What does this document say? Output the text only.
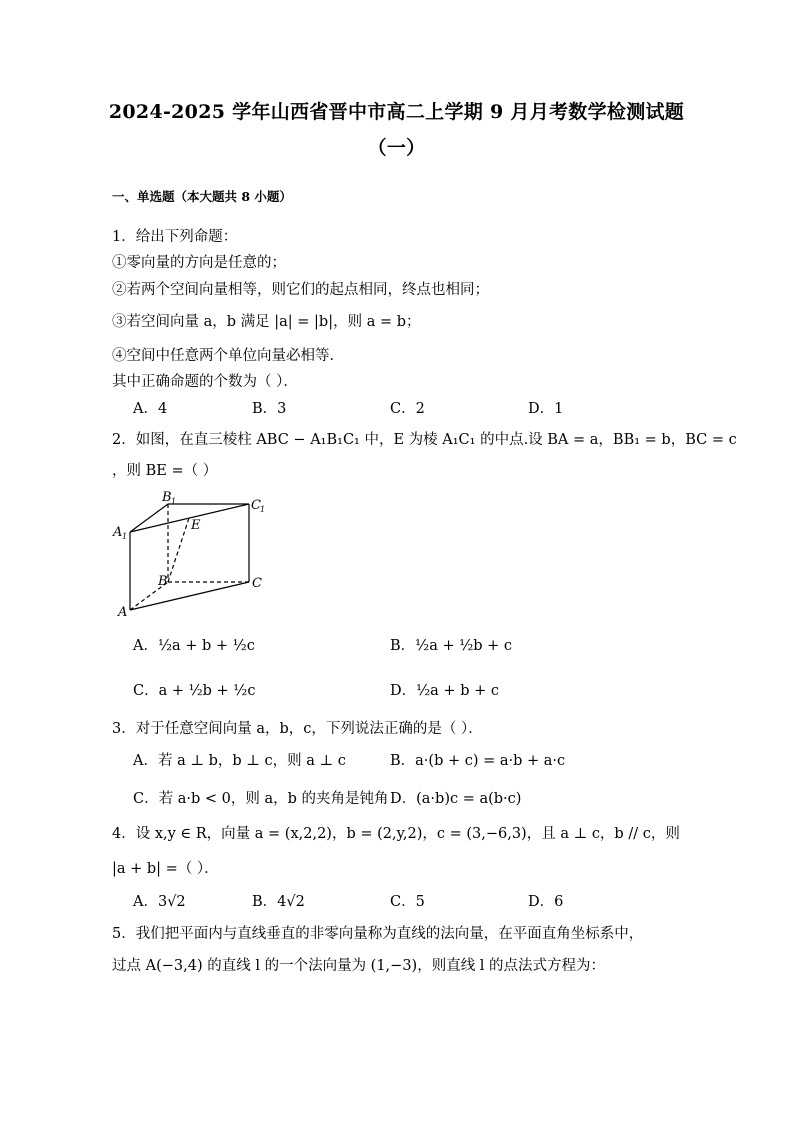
2024-2025 学年山西省晋中市高二上学期 9 月月考数学检测试题
（一）
一、单选题（本大题共 8 小题）
1．给出下列命题：
①零向量的方向是任意的；
②若两个空间向量相等，则它们的起点相同，终点也相同；
③若空间向量 a，b 满足 |a| = |b|，则 a = b；
④空间中任意两个单位向量必相等．
其中正确命题的个数为（ ）．
A．4	B．3	C．2	D．1
2．如图，在直三棱柱 ABC − A₁B₁C₁ 中，E 为棱 A₁C₁ 的中点.设 BA = a，BB₁ = b，BC = c
，则 BE =（ ）
B 1	C 1
A 1
E
B	C
A
A．½a + b + ½c	B．½a + ½b + c
C．a + ½b + ½c	D．½a + b + c
3．对于任意空间向量 a，b，c，下列说法正确的是（ ）．
A．若 a ⊥ b，b ⊥ c，则 a ⊥ c	B．a·(b + c) = a·b + a·c
C．若 a·b < 0，则 a，b 的夹角是钝角 D．(a·b)c = a(b·c)
4．设 x,y ∈ R，向量 a = (x,2,2)，b = (2,y,2)，c = (3,−6,3)，且 a ⊥ c，b // c，则
|a + b| =（ ）．
A．3√2	B．4√2	C．5	D．6
5．我们把平面内与直线垂直的非零向量称为直线的法向量，在平面直角坐标系中，
过点 A(−3,4) 的直线 l 的一个法向量为 (1,−3)，则直线 l 的点法式方程为：
